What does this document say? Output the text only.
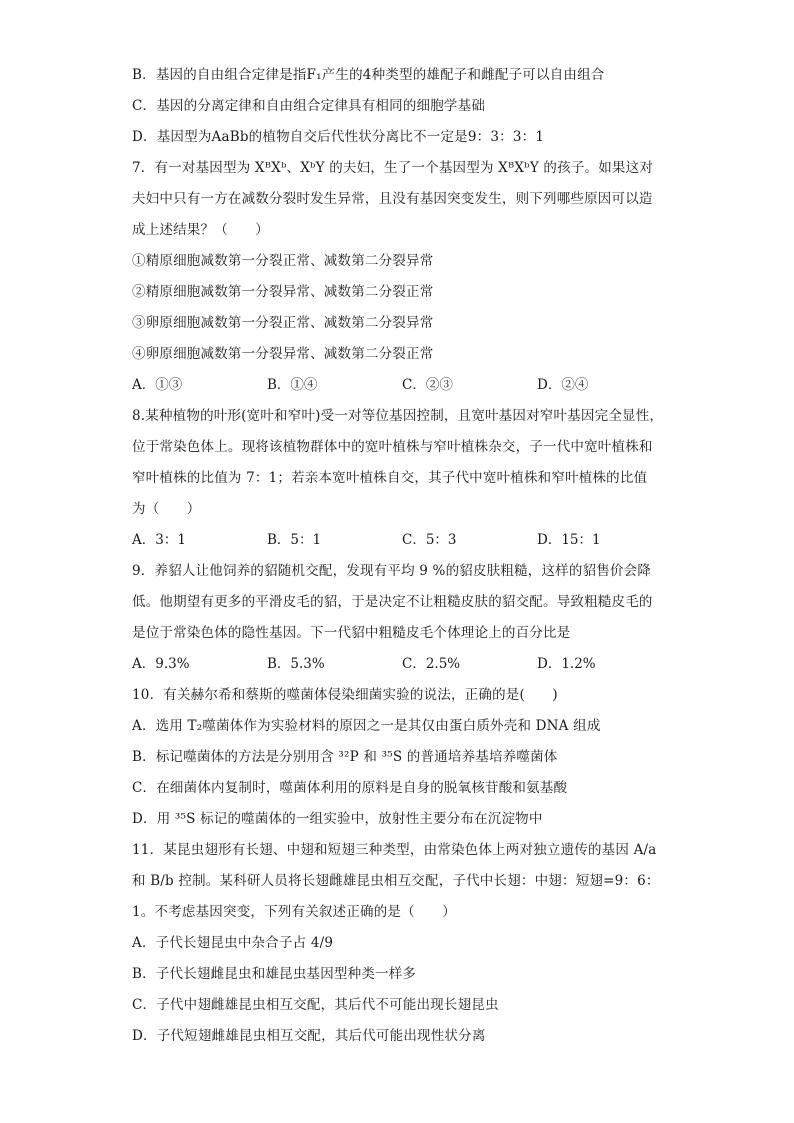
B．基因的自由组合定律是指F₁产生的4种类型的雄配子和雌配子可以自由组合
C．基因的分离定律和自由组合定律具有相同的细胞学基础
D．基因型为AaBb的植物自交后代性状分离比不一定是9：3：3：1
7．有一对基因型为 XᴮXᵇ、XᵇY 的夫妇，生了一个基因型为 XᴮXᵇY 的孩子。如果这对
夫妇中只有一方在减数分裂时发生异常，且没有基因突变发生，则下列哪些原因可以造
成上述结果？（　　）
①精原细胞减数第一分裂正常、减数第二分裂异常
②精原细胞减数第一分裂异常、减数第二分裂正常
③卵原细胞减数第一分裂正常、减数第二分裂异常
④卵原细胞减数第一分裂异常、减数第二分裂正常
A．①③	B．①④	C．②③	D．②④
8.某种植物的叶形(宽叶和窄叶)受一对等位基因控制，且宽叶基因对窄叶基因完全显性，
位于常染色体上。现将该植物群体中的宽叶植株与窄叶植株杂交，子一代中宽叶植株和
窄叶植株的比值为 7：1；若亲本宽叶植株自交，其子代中宽叶植株和窄叶植株的比值
为（　　）
A．3：1	B．5：1	C．5：3	D．15：1
9．养貂人让他饲养的貂随机交配，发现有平均 9 %的貂皮肤粗糙，这样的貂售价会降
低。他期望有更多的平滑皮毛的貂，于是决定不让粗糙皮肤的貂交配。导致粗糙皮毛的
是位于常染色体的隐性基因。下一代貂中粗糙皮毛个体理论上的百分比是
A．9.3%	B．5.3%	C．2.5%	D．1.2%
10．有关赫尔希和蔡斯的噬菌体侵染细菌实验的说法，正确的是(　　)
A．选用 T₂噬菌体作为实验材料的原因之一是其仅由蛋白质外壳和 DNA 组成
B．标记噬菌体的方法是分别用含 ³²P 和 ³⁵S 的普通培养基培养噬菌体
C．在细菌体内复制时，噬菌体利用的原料是自身的脱氧核苷酸和氨基酸
D．用 ³⁵S 标记的噬菌体的一组实验中，放射性主要分布在沉淀物中
11．某昆虫翅形有长翅、中翅和短翅三种类型，由常染色体上两对独立遗传的基因 A/a
和 B/b 控制。某科研人员将长翅雌雄昆虫相互交配，子代中长翅：中翅：短翅=9：6：
1。不考虑基因突变，下列有关叙述正确的是（　　）
A．子代长翅昆虫中杂合子占 4/9
B．子代长翅雌昆虫和雄昆虫基因型种类一样多
C．子代中翅雌雄昆虫相互交配，其后代不可能出现长翅昆虫
D．子代短翅雌雄昆虫相互交配，其后代可能出现性状分离
